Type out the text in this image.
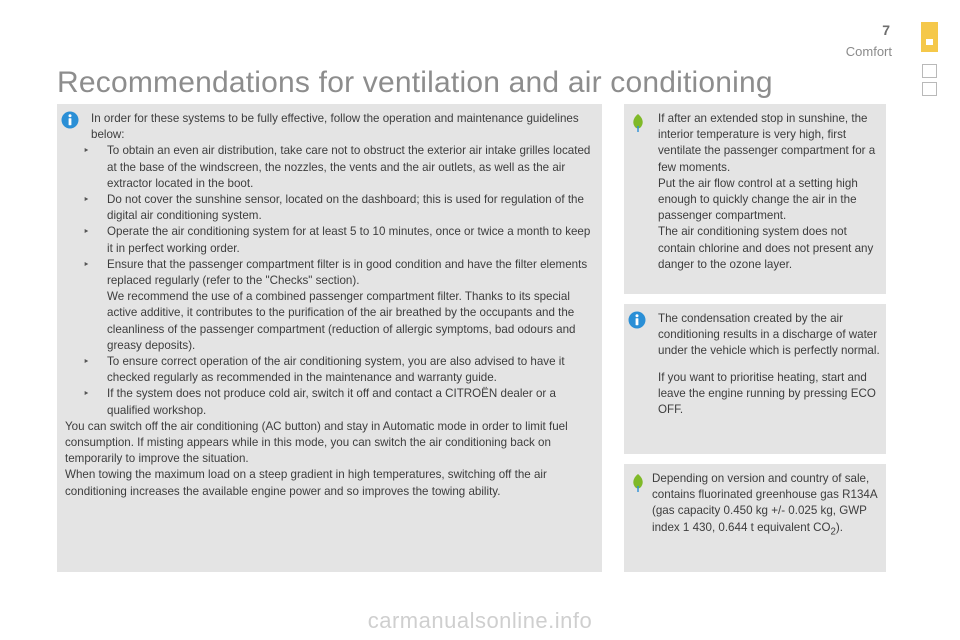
7
Comfort
Recommendations for ventilation and air conditioning

In order for these systems to be fully effective, follow the operation and maintenance guidelines below:

‣ To obtain an even air distribution, take care not to obstruct the exterior air intake grilles located at the base of the windscreen, the nozzles, the vents and the air outlets, as well as the air extractor located in the boot.
‣ Do not cover the sunshine sensor, located on the dashboard; this is used for regulation of the digital air conditioning system.
‣ Operate the air conditioning system for at least 5 to 10 minutes, once or twice a month to keep it in perfect working order.
‣ Ensure that the passenger compartment filter is in good condition and have the filter elements replaced regularly (refer to the "Checks" section).
We recommend the use of a combined passenger compartment filter. Thanks to its special active additive, it contributes to the purification of the air breathed by the occupants and the cleanliness of the passenger compartment (reduction of allergic symptoms, bad odours and greasy deposits).
‣ To ensure correct operation of the air conditioning system, you are also advised to have it checked regularly as recommended in the maintenance and warranty guide.
‣ If the system does not produce cold air, switch it off and contact a CITROËN dealer or a qualified workshop.

You can switch off the air conditioning (AC button) and stay in Automatic mode in order to limit fuel consumption. If misting appears while in this mode, you can switch the air conditioning back on temporarily to improve the situation.

When towing the maximum load on a steep gradient in high temperatures, switching off the air conditioning increases the available engine power and so improves the towing ability.

If after an extended stop in sunshine, the interior temperature is very high, first ventilate the passenger compartment for a few moments.

Put the air flow control at a setting high enough to quickly change the air in the passenger compartment.

The air conditioning system does not contain chlorine and does not present any danger to the ozone layer.

The condensation created by the air conditioning results in a discharge of water under the vehicle which is perfectly normal.

If you want to prioritise heating, start and leave the engine running by pressing ECO OFF.

Depending on version and country of sale, contains fluorinated greenhouse gas R134A (gas capacity 0.450 kg +/- 0.025 kg, GWP index 1 430, 0.644 t equivalent $CO_2$).

carmanualsonline.info
